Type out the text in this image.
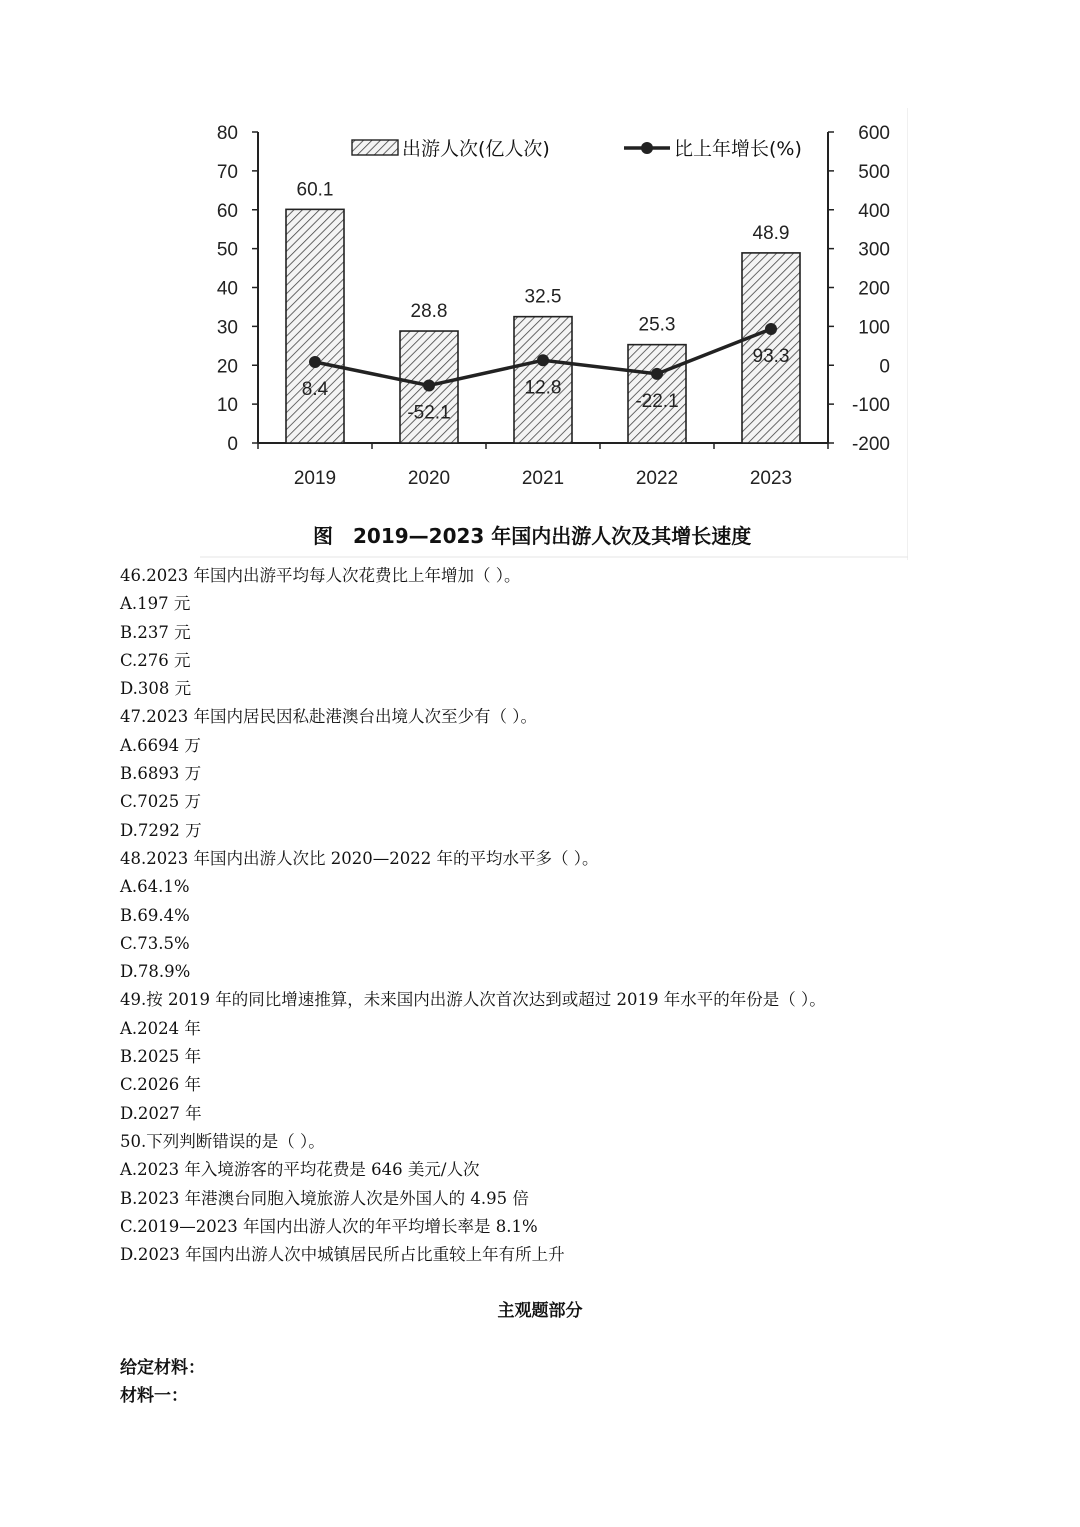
0
10
20
30
40
50
60
70
80
-200
-100
0
100
200
300
400
500
600
2019	2020	2021	2022	2023
60.1
28.8
32.5
25.3
48.9
8.4
-52.1
12.8
-22.1
93.3
出游人次(亿人次)	比上年增长(%)
图　2019—2023 年国内出游人次及其增长速度
46.2023 年国内出游平均每人次花费比上年增加（ ）。
A.197 元
B.237 元
C.276 元
D.308 元
47.2023 年国内居民因私赴港澳台出境人次至少有（ ）。
A.6694 万
B.6893 万
C.7025 万
D.7292 万
48.2023 年国内出游人次比 2020—2022 年的平均水平多（ ）。
A.64.1%
B.69.4%
C.73.5%
D.78.9%
49.按 2019 年的同比增速推算，未来国内出游人次首次达到或超过 2019 年水平的年份是（ ）。
A.2024 年
B.2025 年
C.2026 年
D.2027 年
50.下列判断错误的是（ ）。
A.2023 年入境游客的平均花费是 646 美元/人次
B.2023 年港澳台同胞入境旅游人次是外国人的 4.95 倍
C.2019—2023 年国内出游人次的年平均增长率是 8.1%
D.2023 年国内出游人次中城镇居民所占比重较上年有所上升
主观题部分
给定材料：
材料一：
